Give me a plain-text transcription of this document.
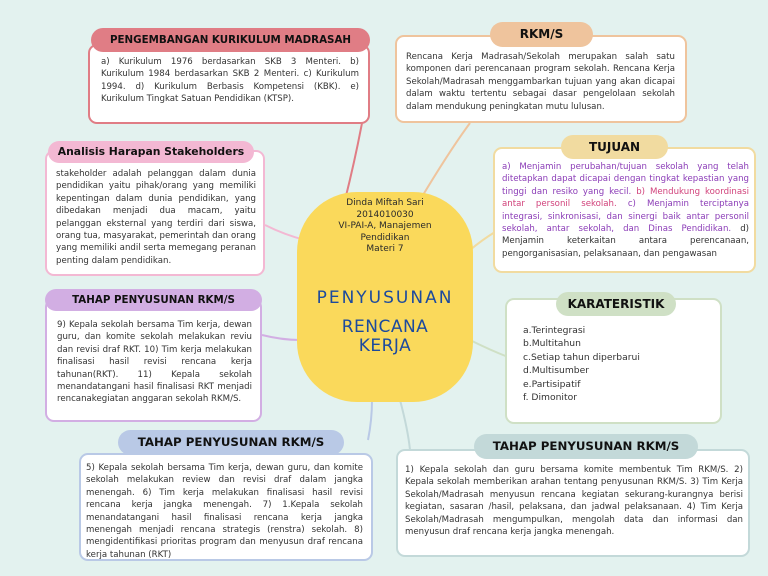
Dinda Miftah Sari
2014010030
VI-PAI-A, Manajemen
Pendidikan
Materi 7
PENYUSUNAN
RENCANA
KERJA
a) Kurikulum 1976 berdasarkan SKB 3 Menteri. b) Kurikulum 1984 berdasarkan SKB 2 Menteri. c) Kurikulum 1994. d) Kurikulum Berbasis Kompetensi (KBK). e) Kurikulum Tingkat Satuan Pendidikan (KTSP).
PENGEMBANGAN KURIKULUM MADRASAH
Rencana Kerja Madrasah/Sekolah merupakan salah satu komponen dari perencanaan program sekolah. Rencana Kerja Sekolah/Madrasah menggambarkan tujuan yang akan dicapai dalam waktu tertentu sebagai dasar pengelolaan sekolah dalam mendukung peningkatan mutu lulusan.
RKM/S
stakeholder adalah pelanggan dalam dunia pendidikan yaitu pihak/orang yang memiliki kepentingan dalam dunia pendidikan, yang dibedakan menjadi dua macam, yaitu pelanggan eksternal yang terdiri dari siswa, orang tua, masyarakat, pemerintah dan orang yang memiliki andil serta memegang peranan penting dalam pendidikan.
Analisis Harapan Stakeholders
a) Menjamin perubahan/tujuan sekolah yang telah ditetapkan dapat dicapai dengan tingkat kepastian yang tinggi dan resiko yang kecil. b) Mendukung koordinasi antar personil sekolah. c) Menjamin terciptanya integrasi, sinkronisasi, dan sinergi baik antar personil sekolah, antar sekolah, dan Dinas Pendidikan. d) Menjamin keterkaitan antara perencanaan, pengorganisasian, pelaksanaan, dan pengawasan
TUJUAN
9) Kepala sekolah bersama Tim kerja, dewan guru, dan komite sekolah melakukan reviu dan revisi draf RKT. 10) Tim kerja melakukan finalisasi hasil revisi rencana kerja tahunan(RKT). 11) Kepala sekolah menandatangani hasil finalisasi RKT menjadi rencanakegiatan anggaran sekolah RKM/S.
TAHAP PENYUSUNAN RKM/S
a.Terintegrasi
b.Multitahun
c.Setiap tahun diperbarui
d.Multisumber
e.Partisipatif
f. Dimonitor
KARATERISTIK
5) Kepala sekolah bersama Tim kerja, dewan guru, dan komite sekolah melakukan review dan revisi draf dalam jangka menengah. 6) Tim kerja melakukan finalisasi hasil revisi rencana kerja jangka menengah. 7) 1.Kepala sekolah menandatangani hasil finalisasi rencana kerja jangka menengah menjadi rencana strategis (renstra) sekolah. 8) mengidentifikasi prioritas program dan menyusun draf rencana kerja tahunan (RKT)
TAHAP PENYUSUNAN RKM/S
1) Kepala sekolah dan guru bersama komite membentuk Tim RKM/S. 2) Kepala sekolah memberikan arahan tentang penyusunan RKM/S. 3) Tim Kerja Sekolah/Madrasah menyusun rencana kegiatan sekurang-kurangnya berisi kegiatan, sasaran /hasil, pelaksana, dan jadwal pelaksanaan. 4) Tim Kerja Sekolah/Madrasah mengumpulkan, mengolah data dan informasi dan menyusun draf rencana kerja jangka menengah.
TAHAP PENYUSUNAN RKM/S
